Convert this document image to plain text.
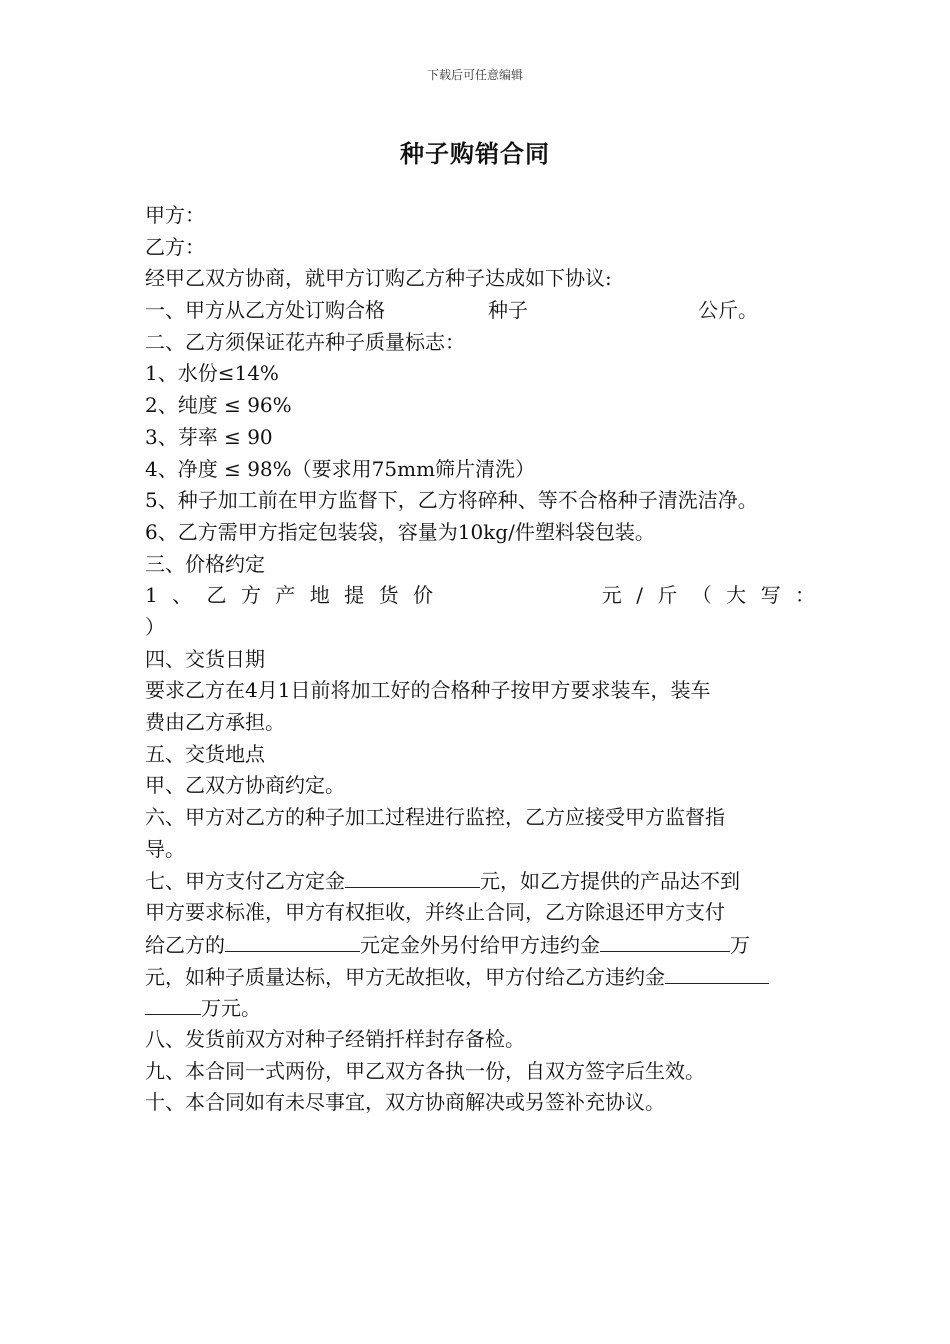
下载后可任意编辑
种子购销合同
甲方：
乙方：
经甲乙双方协商，就甲方订购乙方种子达成如下协议:
一、甲方从乙方处订购合格	种子	公斤。
二、乙方须保证花卉种子质量标志：
1、水份≤14%
2、纯度 ≤ 96%
3、芽率 ≤ 90
4、净度 ≤ 98%（要求用75mm筛片清洗）
5、种子加工前在甲方监督下，乙方将碎种、等不合格种子清洗洁净。
6、乙方需甲方指定包装袋，容量为10kg/件塑料袋包装。
三、价格约定
1 、 乙 方 产 地 提 货 价	元 / 斤 （ 大 写 ：
）
四、交货日期
要求乙方在4月1日前将加工好的合格种子按甲方要求装车，装车
费由乙方承担。
五、交货地点
甲、乙双方协商约定。
六、甲方对乙方的种子加工过程进行监控，乙方应接受甲方监督指
导。
七、甲方支付乙方定金	元，如乙方提供的产品达不到
甲方要求标准，甲方有权拒收，并终止合同，乙方除退还甲方支付
给乙方的	元定金外另付给甲方违约金	万
元，如种子质量达标，甲方无故拒收，甲方付给乙方违约金
万元。
八、发货前双方对种子经销扦样封存备检。
九、本合同一式两份，甲乙双方各执一份，自双方签字后生效。
十、本合同如有未尽事宜，双方协商解决或另签补充协议。
